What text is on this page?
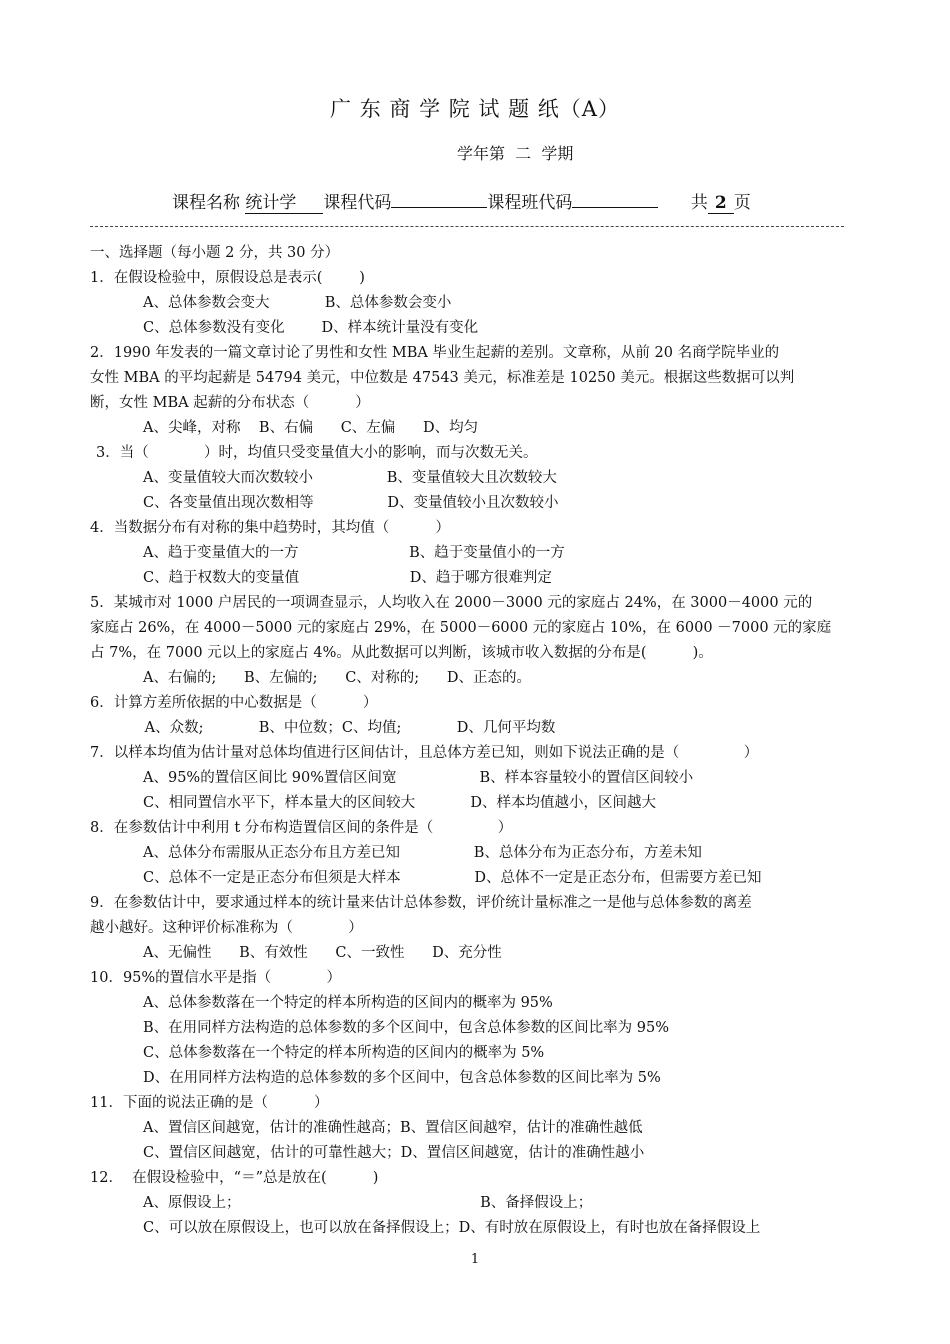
广 东 商 学 院 试 题 纸（A）
学年第  二  学期
课程名称 统计学 课程代码	课程班代码	共 2 页
一、选择题（每小题 2 分，共 30 分）
1．在假设检验中，原假设总是表示(        )
A、总体参数会变大            B、总体参数会变小
C、总体参数没有变化        D、样本统计量没有变化
2．1990 年发表的一篇文章讨论了男性和女性 MBA 毕业生起薪的差别。文章称，从前 20 名商学院毕业的
女性 MBA 的平均起薪是 54794 美元，中位数是 47543 美元，标准差是 10250 美元。根据这些数据可以判
断，女性 MBA 起薪的分布状态（          ）
A、尖峰，对称    B、右偏      C、左偏      D、均匀
3．当（            ）时，均值只受变量值大小的影响，而与次数无关。
A、变量值较大而次数较小                B、变量值较大且次数较大
C、各变量值出现次数相等                D、变量值较小且次数较小
4．当数据分布有对称的集中趋势时，其均值（          ）
A、趋于变量值大的一方                        B、趋于变量值小的一方
C、趋于权数大的变量值                        D、趋于哪方很难判定
5．某城市对 1000 户居民的一项调查显示，人均收入在 2000－3000 元的家庭占 24%，在 3000－4000 元的
家庭占 26%，在 4000－5000 元的家庭占 29%，在 5000－6000 元的家庭占 10%，在 6000 －7000 元的家庭
占 7%，在 7000 元以上的家庭占 4%。从此数据可以判断，该城市收入数据的分布是(          )。
A、右偏的;      B、左偏的;      C、对称的;      D、正态的。
6．计算方差所依据的中心数据是（          ）
A、众数;            B、中位数；C、均值;            D、几何平均数
7．以样本均值为估计量对总体均值进行区间估计，且总体方差已知，则如下说法正确的是（              ）
A、95%的置信区间比 90%置信区间宽                  B、样本容量较小的置信区间较小
C、相同置信水平下，样本量大的区间较大            D、样本均值越小，区间越大
8．在参数估计中利用 t 分布构造置信区间的条件是（              ）
A、总体分布需服从正态分布且方差已知                B、总体分布为正态分布，方差未知
C、总体不一定是正态分布但须是大样本                D、总体不一定是正态分布，但需要方差已知
9．在参数估计中，要求通过样本的统计量来估计总体参数，评价统计量标准之一是他与总体参数的离差
越小越好。这种评价标准称为（            ）
A、无偏性      B、有效性      C、一致性      D、充分性
10．95%的置信水平是指（            ）
A、总体参数落在一个特定的样本所构造的区间内的概率为 95%
B、在用同样方法构造的总体参数的多个区间中，包含总体参数的区间比率为 95%
C、总体参数落在一个特定的样本所构造的区间内的概率为 5%
D、在用同样方法构造的总体参数的多个区间中，包含总体参数的区间比率为 5%
11．下面的说法正确的是（          ）
A、置信区间越宽，估计的准确性越高；B、置信区间越窄，估计的准确性越低
C、置信区间越宽，估计的可靠性越大；D、置信区间越宽，估计的准确性越小
12．  在假设检验中，“＝”总是放在(          )
A、原假设上；                                                    B、备择假设上；
C、可以放在原假设上，也可以放在备择假设上；D、有时放在原假设上，有时也放在备择假设上
1
